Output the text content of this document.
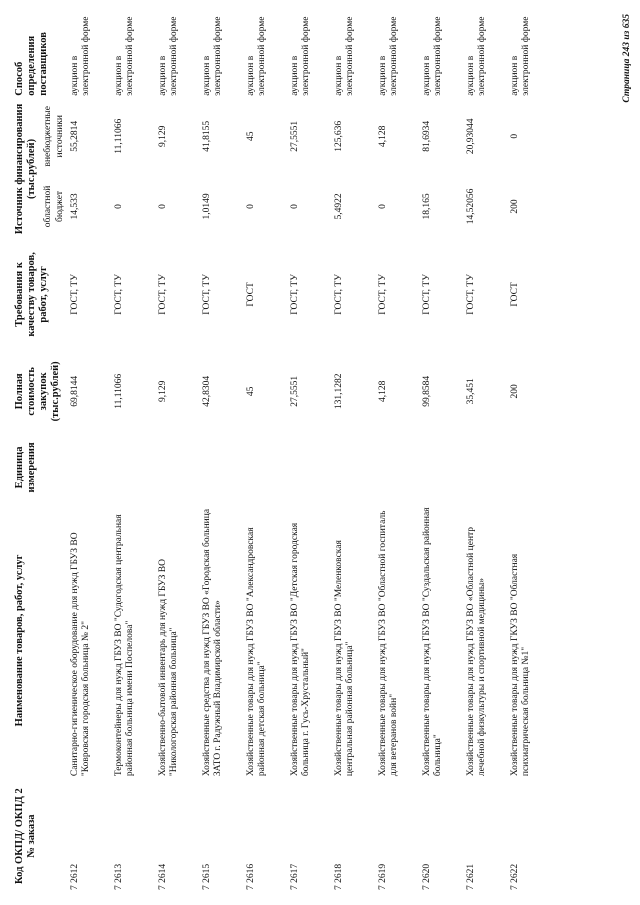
Код ОКПД/ ОКПД 2 № заказа	Наименование товаров, работ, услуг	Единица измерения	Полная стоимость закупок (тыс.рублей)	Требования к качеству товаров, работ, услуг	Источник финансирования (тыс.рублей)		Способ определения поставщиков
					областной бюджет	внебюджетные источники	
7 2612	Санитарно-гигиеническое оборудование для нужд ГБУЗ ВО "Ковровская городская больница № 2"		69,8144	ГОСТ, ТУ	14,533	55,2814	аукцион в электронной форме
7 2613	Термоконтейнеры для нужд ГБУЗ ВО "Судогодская центральная районная больница имени Поспелова"		11,11066	ГОСТ, ТУ	0	11,11066	аукцион в электронной форме
7 2614	Хозяйственно-бытовой инвентарь для нужд ГБУЗ ВО "Никологорская районная больница"		9,129	ГОСТ, ТУ	0	9,129	аукцион в электронной форме
7 2615	Хозяйственные средства для нужд ГБУЗ ВО «Городская больница ЗАТО г. Радужный Владимирской области»		42,8304	ГОСТ, ТУ	1,0149	41,8155	аукцион в электронной форме
7 2616	Хозяйственные товары для нужд ГБУЗ ВО "Александровская районная детская больница"		45	ГОСТ	0	45	аукцион в электронной форме
7 2617	Хозяйственные товары для нужд ГБУЗ ВО "Детская городская больница г. Гусь-Хрустальный"		27,5551	ГОСТ, ТУ	0	27,5551	аукцион в электронной форме
7 2618	Хозяйственные товары для нужд ГБУЗ ВО "Меленковская центральная районная больница"		131,1282	ГОСТ, ТУ	5,4922	125,636	аукцион в электронной форме
7 2619	Хозяйственные товары для нужд ГБУЗ ВО "Областной госпиталь для ветеранов войн"		4,128	ГОСТ, ТУ	0	4,128	аукцион в электронной форме
7 2620	Хозяйственные товары для нужд ГБУЗ ВО "Суздальская районная больница"		99,8584	ГОСТ, ТУ	18,165	81,6934	аукцион в электронной форме
7 2621	Хозяйственные товары для нужд ГБУЗ ВО «Областной центр лечебной физкультуры и спортивной медицины»		35,451	ГОСТ, ТУ	14,52056	20,93044	аукцион в электронной форме
7 2622	Хозяйственные товары для нужд ГКУЗ ВО "Областная психиатрическая больница №1"		200	ГОСТ	200	0	аукцион в электронной форме	Страница 243 из 635
